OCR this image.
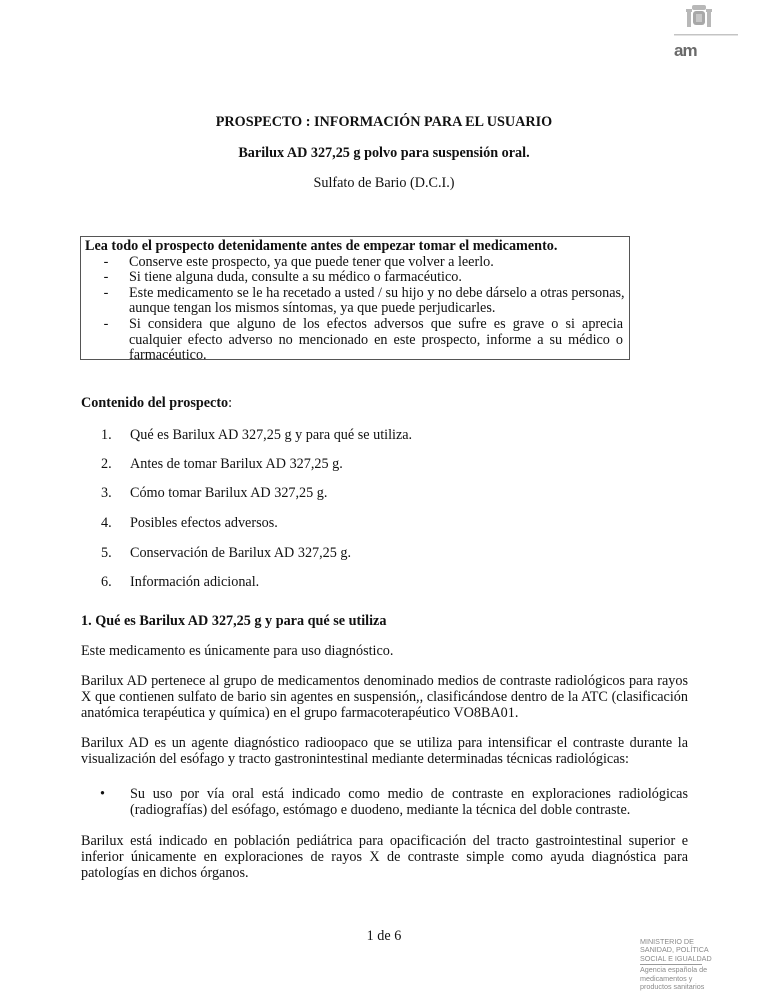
am
PROSPECTO : INFORMACIÓN PARA EL USUARIO
Barilux AD 327,25 g polvo para suspensión oral.
Sulfato de Bario (D.C.I.)
Lea todo el prospecto detenidamente antes de empezar tomar el medicamento.
-	Conserve este prospecto, ya que puede tener que volver a leerlo.
-	Si tiene alguna duda, consulte a su médico o farmacéutico.
-	Este medicamento se le ha recetado a usted / su hijo y no debe dárselo a otras personas,
aunque tengan los mismos síntomas, ya que puede perjudicarles.
-	Si considera que alguno de los efectos adversos que sufre es grave o si aprecia
cualquier efecto adverso no mencionado en este prospecto, informe a su médico o
farmacéutico.
Contenido del prospecto:
1. Qué es Barilux AD 327,25 g y para qué se utiliza.
2. Antes de tomar Barilux AD 327,25 g.
3. Cómo tomar Barilux AD 327,25 g.
4. Posibles efectos adversos.
5. Conservación de Barilux AD 327,25 g.
6. Información adicional.
1. Qué es Barilux AD 327,25 g y para qué se utiliza
Este medicamento es únicamente para uso diagnóstico.
Barilux AD pertenece al grupo de medicamentos denominado medios de contraste radiológicos para rayos
X que contienen sulfato de bario sin agentes en suspensión,, clasificándose dentro de la ATC (clasificación
anatómica terapéutica y química) en el grupo farmacoterapéutico VO8BA01.
Barilux AD es un agente diagnóstico radioopaco que se utiliza para intensificar el contraste durante la
visualización del esófago y tracto gastronintestinal mediante determinadas técnicas radiológicas:
• Su uso por vía oral está indicado como medio de contraste en exploraciones radiológicas
(radiografías) del esófago, estómago e duodeno, mediante la técnica del doble contraste.
Barilux está indicado en población pediátrica para opacificación del tracto gastrointestinal superior e
inferior únicamente en exploraciones de rayos X de contraste simple como ayuda diagnóstica para
patologías en dichos órganos.
1 de 6	MINISTERIO DE
SANIDAD, POLÍTICA
SOCIAL E IGUALDAD
Agencia española de
medicamentos y
productos sanitarios
